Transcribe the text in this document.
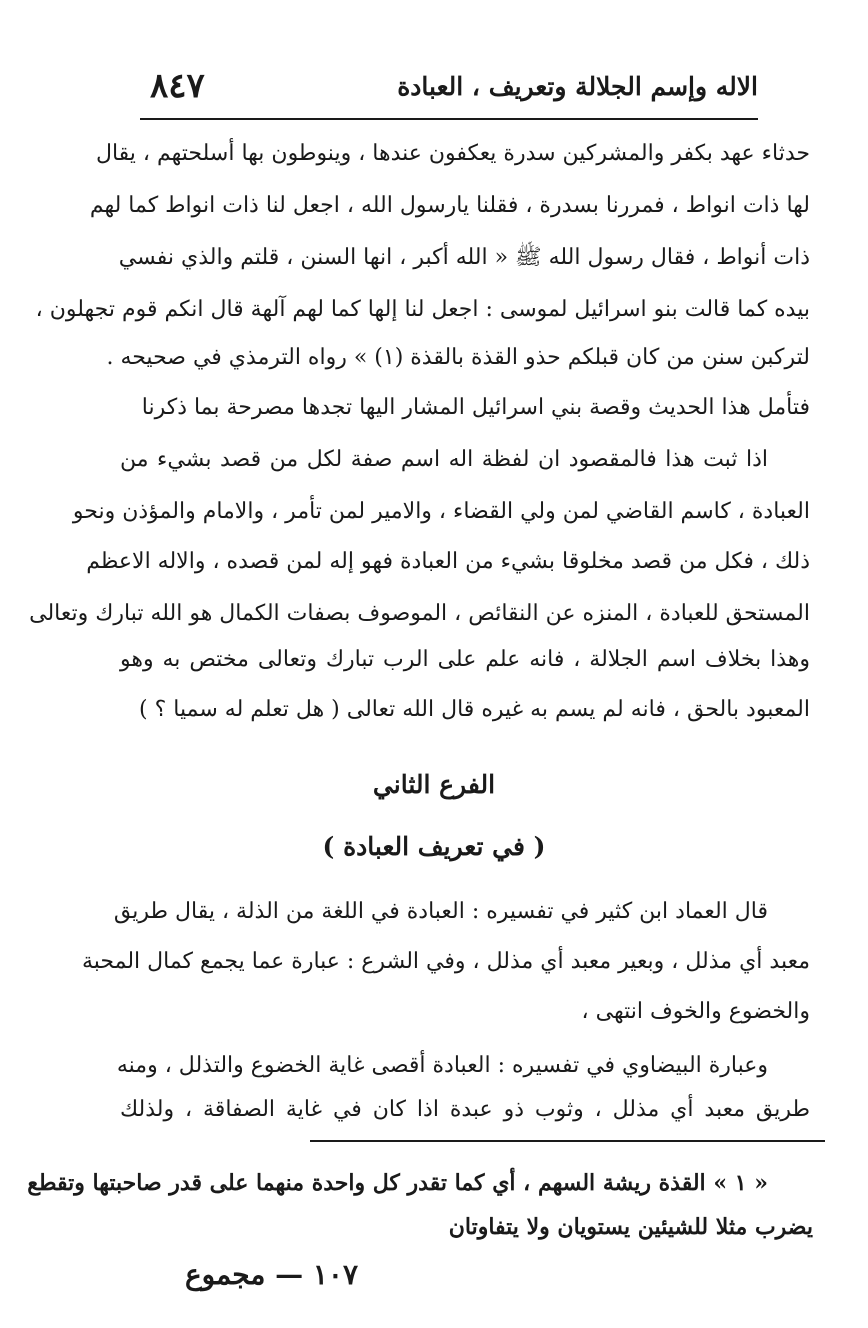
الاله وإسم الجلالة وتعريف ، العبادة
٨٤٧
حدثاء عهد بكفر والمشركين سدرة يعكفون عندها ، وينوطون بها أسلحتهم ، يقال
لها ذات انواط ، فمررنا بسدرة ، فقلنا يارسول الله ، اجعل لنا ذات انواط كما لهم
ذات أنواط ، فقال رسول الله ﷺ « الله أكبر ، انها السنن ، قلتم والذي نفسي
بيده كما قالت بنو اسرائيل لموسى : اجعل لنا إلها كما لهم آلهة قال انكم قوم تجهلون ،
لتركبن سنن من كان قبلكم حذو القذة بالقذة (١) » رواه الترمذي في صحيحه .
فتأمل هذا الحديث وقصة بني اسرائيل المشار اليها تجدها مصرحة بما ذكرنا
اذا ثبت هذا فالمقصود ان لفظة اله اسم صفة لكل من قصد بشيء من
العبادة ، كاسم القاضي لمن ولي القضاء ، والامير لمن تأمر ، والامام والمؤذن ونحو
ذلك ، فكل من قصد مخلوقا بشيء من العبادة فهو إله لمن قصده ، والاله الاعظم
المستحق للعبادة ، المنزه عن النقائص ، الموصوف بصفات الكمال هو الله تبارك وتعالى
وهذا بخلاف اسم الجلالة ، فانه علم على الرب تبارك وتعالى مختص به وهو
المعبود بالحق ، فانه لم يسم به غيره قال الله تعالى ( هل تعلم له سميا ؟ )
الفرع الثاني
( في تعريف العبادة )
قال العماد ابن كثير في تفسيره : العبادة في اللغة من الذلة ، يقال طريق
معبد أي مذلل ، وبعير معبد أي مذلل ، وفي الشرع : عبارة عما يجمع كمال المحبة
والخضوع والخوف انتهى ،
وعبارة البيضاوي في تفسيره : العبادة أقصى غاية الخضوع والتذلل ، ومنه
طريق معبد أي مذلل ، وثوب ذو عبدة اذا كان في غاية الصفاقة ، ولذلك
« ١ » القذة ريشة السهم ، أي كما تقدر كل واحدة منهما على قدر صاحبتها وتقطع
يضرب مثلا للشيئين يستويان ولا يتفاوتان
١٠٧ — مجموع
